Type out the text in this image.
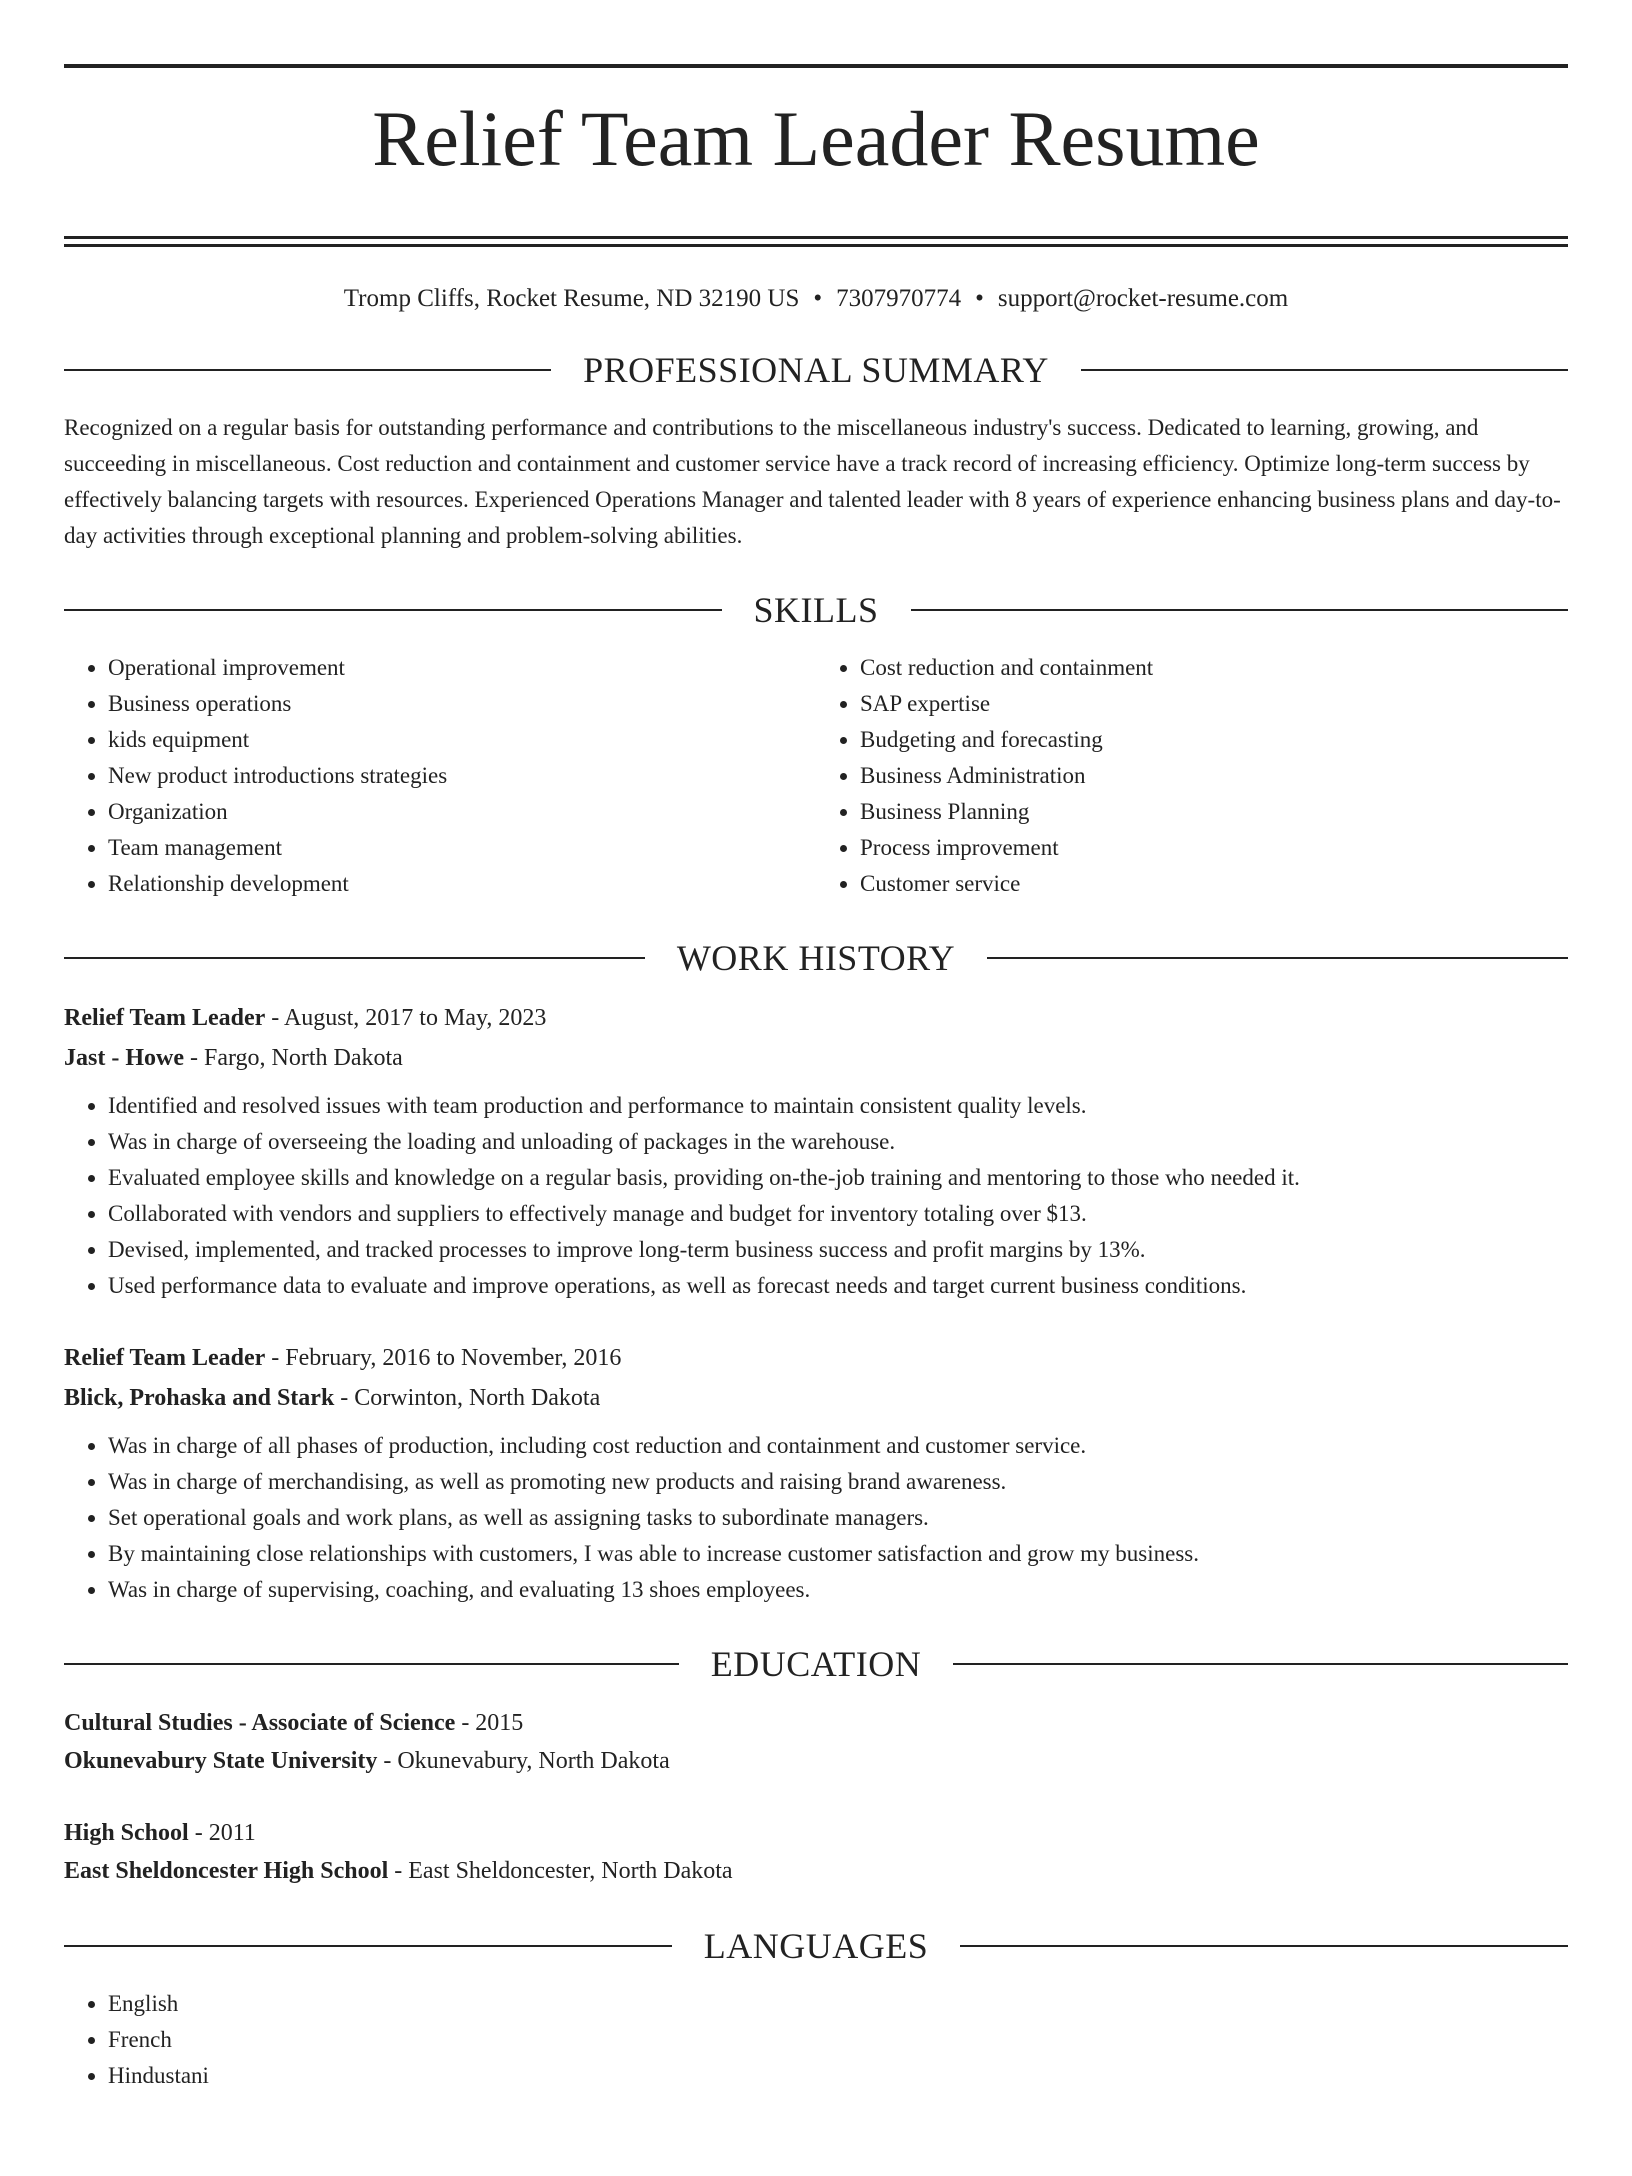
Relief Team Leader Resume
Tromp Cliffs, Rocket Resume, ND 32190 US • 7307970774 • support@rocket-resume.com
PROFESSIONAL SUMMARY
Recognized on a regular basis for outstanding performance and contributions to the miscellaneous industry's success. Dedicated to learning, growing, and succeeding in miscellaneous. Cost reduction and containment and customer service have a track record of increasing efficiency. Optimize long-term success by effectively balancing targets with resources. Experienced Operations Manager and talented leader with 8 years of experience enhancing business plans and day-to-day activities through exceptional planning and problem-solving abilities.
SKILLS
• Operational improvement
• Business operations
• kids equipment
• New product introductions strategies
• Organization
• Team management
• Relationship development
• Cost reduction and containment
• SAP expertise
• Budgeting and forecasting
• Business Administration
• Business Planning
• Process improvement
• Customer service
WORK HISTORY
Relief Team Leader - August, 2017 to May, 2023
Jast - Howe - Fargo, North Dakota
• Identified and resolved issues with team production and performance to maintain consistent quality levels.
• Was in charge of overseeing the loading and unloading of packages in the warehouse.
• Evaluated employee skills and knowledge on a regular basis, providing on-the-job training and mentoring to those who needed it.
• Collaborated with vendors and suppliers to effectively manage and budget for inventory totaling over $13.
• Devised, implemented, and tracked processes to improve long-term business success and profit margins by 13%.
• Used performance data to evaluate and improve operations, as well as forecast needs and target current business conditions.
Relief Team Leader - February, 2016 to November, 2016
Blick, Prohaska and Stark - Corwinton, North Dakota
• Was in charge of all phases of production, including cost reduction and containment and customer service.
• Was in charge of merchandising, as well as promoting new products and raising brand awareness.
• Set operational goals and work plans, as well as assigning tasks to subordinate managers.
• By maintaining close relationships with customers, I was able to increase customer satisfaction and grow my business.
• Was in charge of supervising, coaching, and evaluating 13 shoes employees.
EDUCATION
Cultural Studies - Associate of Science - 2015
Okunevabury State University - Okunevabury, North Dakota
High School - 2011
East Sheldoncester High School - East Sheldoncester, North Dakota
LANGUAGES
• English
• French
• Hindustani
